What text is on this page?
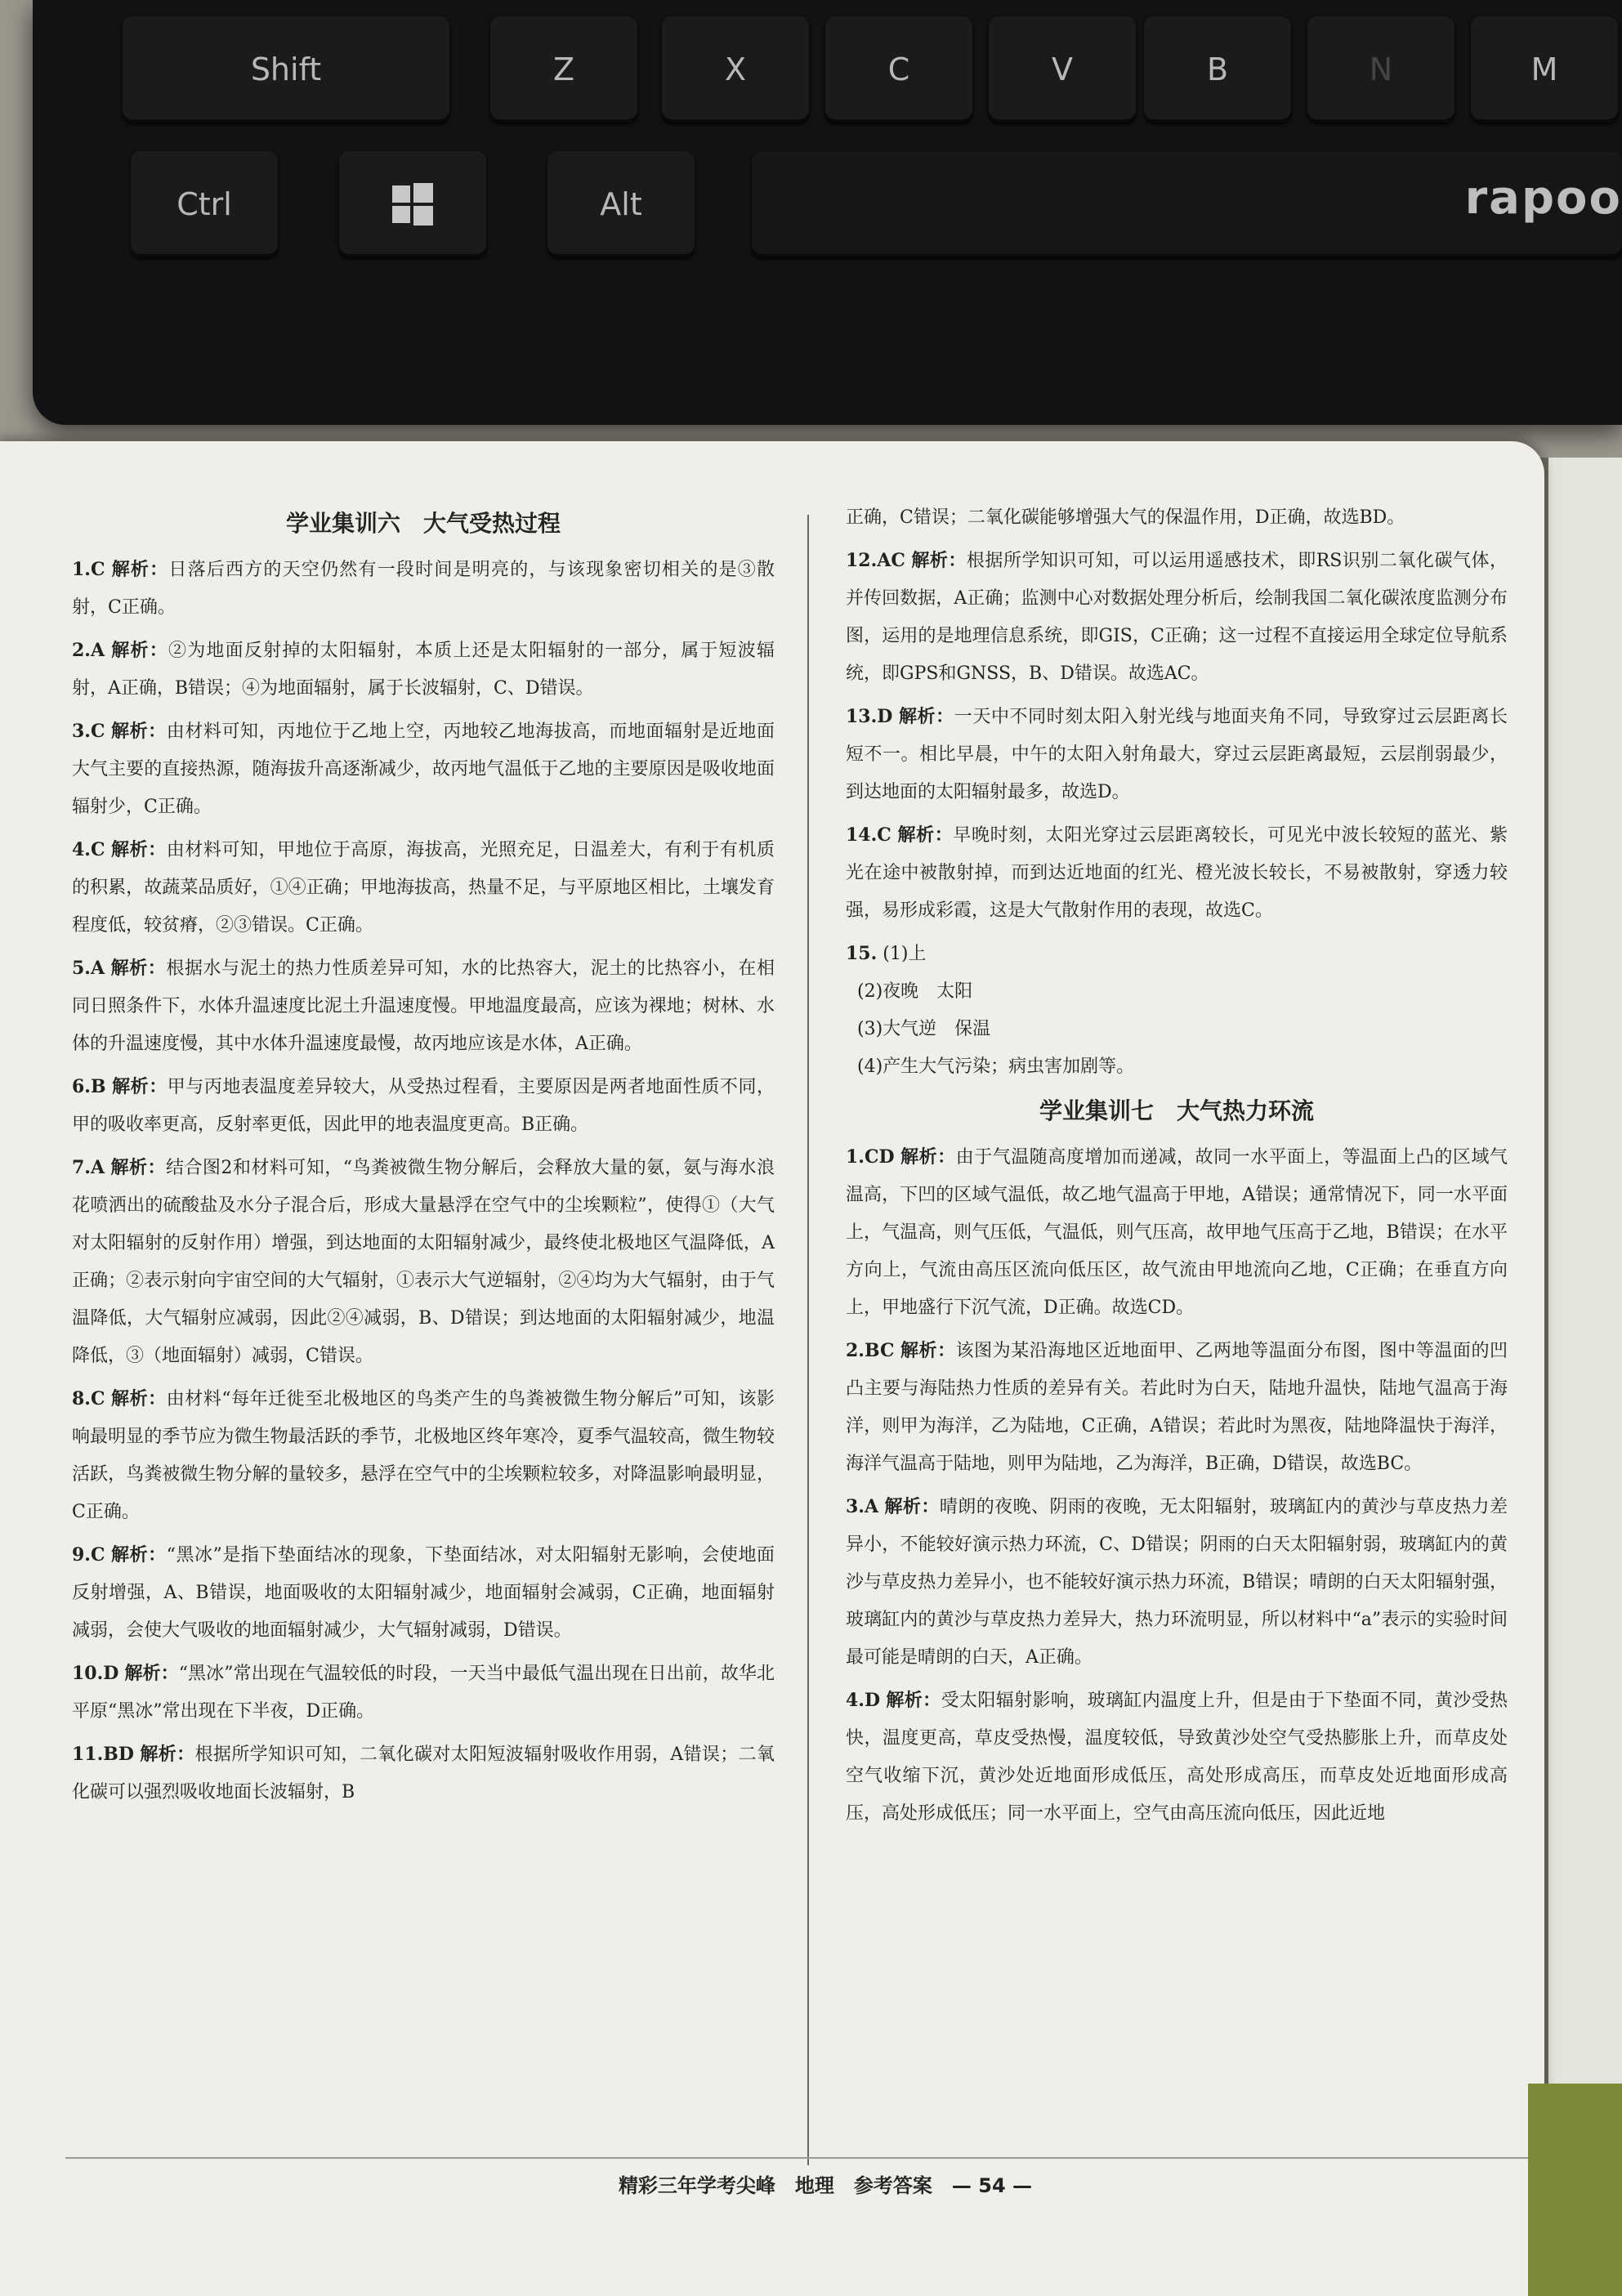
Shift	Z	X	C	V	B	N	M
Ctrl	Alt	rapoo
学业集训六　大气受热过程
1.C 解析：日落后西方的天空仍然有一段时间是明亮的，与该现象密切相关的是③散射，C正确。
2.A 解析：②为地面反射掉的太阳辐射，本质上还是太阳辐射的一部分，属于短波辐射，A正确，B错误；④为地面辐射，属于长波辐射，C、D错误。
3.C 解析：由材料可知，丙地位于乙地上空，丙地较乙地海拔高，而地面辐射是近地面大气主要的直接热源，随海拔升高逐渐减少，故丙地气温低于乙地的主要原因是吸收地面辐射少，C正确。
4.C 解析：由材料可知，甲地位于高原，海拔高，光照充足，日温差大，有利于有机质的积累，故蔬菜品质好，①④正确；甲地海拔高，热量不足，与平原地区相比，土壤发育程度低，较贫瘠，②③错误。C正确。
5.A 解析：根据水与泥土的热力性质差异可知，水的比热容大，泥土的比热容小，在相同日照条件下，水体升温速度比泥土升温速度慢。甲地温度最高，应该为裸地；树林、水体的升温速度慢，其中水体升温速度最慢，故丙地应该是水体，A正确。
6.B 解析：甲与丙地表温度差异较大，从受热过程看，主要原因是两者地面性质不同，甲的吸收率更高，反射率更低，因此甲的地表温度更高。B正确。
7.A 解析：结合图2和材料可知，“鸟粪被微生物分解后，会释放大量的氨，氨与海水浪花喷洒出的硫酸盐及水分子混合后，形成大量悬浮在空气中的尘埃颗粒”，使得①（大气对太阳辐射的反射作用）增强，到达地面的太阳辐射减少，最终使北极地区气温降低，A正确；②表示射向宇宙空间的大气辐射，①表示大气逆辐射，②④均为大气辐射，由于气温降低，大气辐射应减弱，因此②④减弱，B、D错误；到达地面的太阳辐射减少，地温降低，③（地面辐射）减弱，C错误。
8.C 解析：由材料“每年迁徙至北极地区的鸟类产生的鸟粪被微生物分解后”可知，该影响最明显的季节应为微生物最活跃的季节，北极地区终年寒冷，夏季气温较高，微生物较活跃，鸟粪被微生物分解的量较多，悬浮在空气中的尘埃颗粒较多，对降温影响最明显，C正确。
9.C 解析：“黑冰”是指下垫面结冰的现象，下垫面结冰，对太阳辐射无影响，会使地面反射增强，A、B错误，地面吸收的太阳辐射减少，地面辐射会减弱，C正确，地面辐射减弱，会使大气吸收的地面辐射减少，大气辐射减弱，D错误。
10.D 解析：“黑冰”常出现在气温较低的时段，一天当中最低气温出现在日出前，故华北平原“黑冰”常出现在下半夜，D正确。
11.BD 解析：根据所学知识可知，二氧化碳对太阳短波辐射吸收作用弱，A错误；二氧化碳可以强烈吸收地面长波辐射，B
正确，C错误；二氧化碳能够增强大气的保温作用，D正确，故选BD。
12.AC 解析：根据所学知识可知，可以运用遥感技术，即RS识别二氧化碳气体，并传回数据，A正确；监测中心对数据处理分析后，绘制我国二氧化碳浓度监测分布图，运用的是地理信息系统，即GIS，C正确；这一过程不直接运用全球定位导航系统，即GPS和GNSS，B、D错误。故选AC。
13.D 解析：一天中不同时刻太阳入射光线与地面夹角不同，导致穿过云层距离长短不一。相比早晨，中午的太阳入射角最大，穿过云层距离最短，云层削弱最少，到达地面的太阳辐射最多，故选D。
14.C 解析：早晚时刻，太阳光穿过云层距离较长，可见光中波长较短的蓝光、紫光在途中被散射掉，而到达近地面的红光、橙光波长较长，不易被散射，穿透力较强，易形成彩霞，这是大气散射作用的表现，故选C。
15. (1)上
(2)夜晚　太阳
(3)大气逆　保温
(4)产生大气污染；病虫害加剧等。
学业集训七　大气热力环流
1.CD 解析：由于气温随高度增加而递减，故同一水平面上，等温面上凸的区域气温高，下凹的区域气温低，故乙地气温高于甲地，A错误；通常情况下，同一水平面上，气温高，则气压低，气温低，则气压高，故甲地气压高于乙地，B错误；在水平方向上，气流由高压区流向低压区，故气流由甲地流向乙地，C正确；在垂直方向上，甲地盛行下沉气流，D正确。故选CD。
2.BC 解析：该图为某沿海地区近地面甲、乙两地等温面分布图，图中等温面的凹凸主要与海陆热力性质的差异有关。若此时为白天，陆地升温快，陆地气温高于海洋，则甲为海洋，乙为陆地，C正确，A错误；若此时为黑夜，陆地降温快于海洋，海洋气温高于陆地，则甲为陆地，乙为海洋，B正确，D错误，故选BC。
3.A 解析：晴朗的夜晚、阴雨的夜晚，无太阳辐射，玻璃缸内的黄沙与草皮热力差异小，不能较好演示热力环流，C、D错误；阴雨的白天太阳辐射弱，玻璃缸内的黄沙与草皮热力差异小，也不能较好演示热力环流，B错误；晴朗的白天太阳辐射强，玻璃缸内的黄沙与草皮热力差异大，热力环流明显，所以材料中“a”表示的实验时间最可能是晴朗的白天，A正确。
4.D 解析：受太阳辐射影响，玻璃缸内温度上升，但是由于下垫面不同，黄沙受热快，温度更高，草皮受热慢，温度较低，导致黄沙处空气受热膨胀上升，而草皮处空气收缩下沉，黄沙处近地面形成低压，高处形成高压，而草皮处近地面形成高压，高处形成低压；同一水平面上，空气由高压流向低压，因此近地
精彩三年学考尖峰　地理　参考答案　— 54 —
